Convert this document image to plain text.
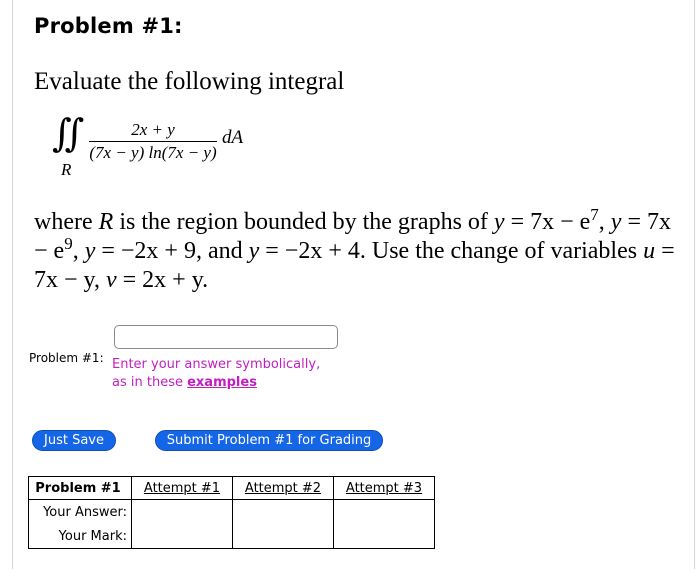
Problem #1:
Evaluate the following integral
∬
R
2x + y
(7x − y) ln(7x − y)
dA
where R is the region bounded by the graphs of $y = 7x - e^7$, $y = 7x - e^9$, y = −2x + 9, and y = −2x + 4. Use the change of variables u = 7x − y, v = 2x + y.
Problem #1: Enter your answer symbolically,
as in these examples
Just Save	Submit Problem #1 for Grading
Problem #1	Attempt #1	Attempt #2	Attempt #3
Your Answer:			
Your Mark:			
